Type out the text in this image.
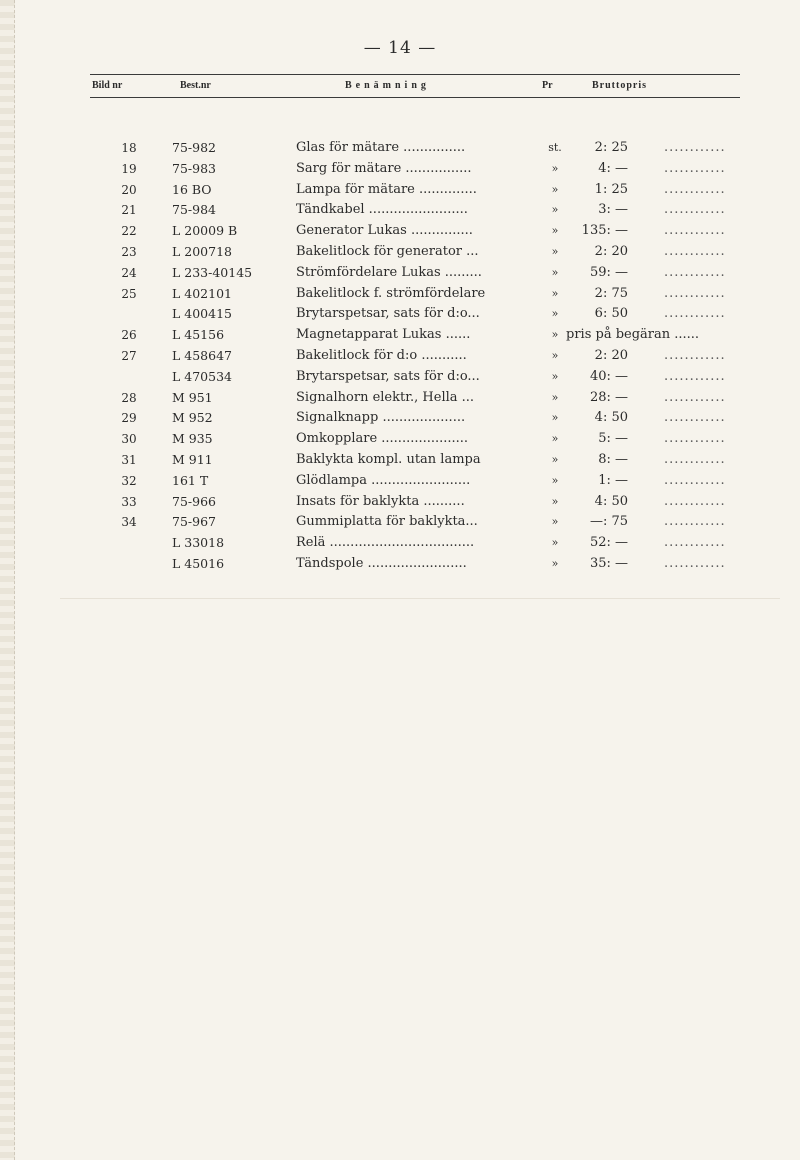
— 14 —
Bild nr	Best.nr	Benämning	Pr	Bruttopris
18	75-982	Glas för mätare ...............	st.	2: 25	............
19	75-983	Sarg för mätare ................	»	4: —	............
20	16 BO	Lampa för mätare ..............	»	1: 25	............
21	75-984	Tändkabel ........................	»	3: —	............
22	L 20009 B	Generator Lukas ...............	»	135: —	............
23	L 200718	Bakelitlock för generator ...	»	2: 20	............
24	L 233-40145	Strömfördelare Lukas .........	»	59: —	............
25	L 402101	Bakelitlock f. strömfördelare	»	2: 75	............
L 400415	Brytarspetsar, sats för d:o...	»	6: 50	............
26	L 45156	Magnetapparat Lukas ......	» pris på begäran ......
27	L 458647	Bakelitlock för d:o ...........	»	2: 20	............
L 470534	Brytarspetsar, sats för d:o...	»	40: —	............
28	M 951	Signalhorn elektr., Hella ...	»	28: —	............
29	M 952	Signalknapp ....................	»	4: 50	............
30	M 935	Omkopplare .....................	»	5: —	............
31	M 911	Baklykta kompl. utan lampa	»	8: —	............
32	161 T	Glödlampa ........................	»	1: —	............
33	75-966	Insats för baklykta ..........	»	4: 50	............
34	75-967	Gummiplatta för baklykta...	»	—: 75	............
L 33018	Relä ...................................	»	52: —	............
L 45016	Tändspole ........................	»	35: —	............
